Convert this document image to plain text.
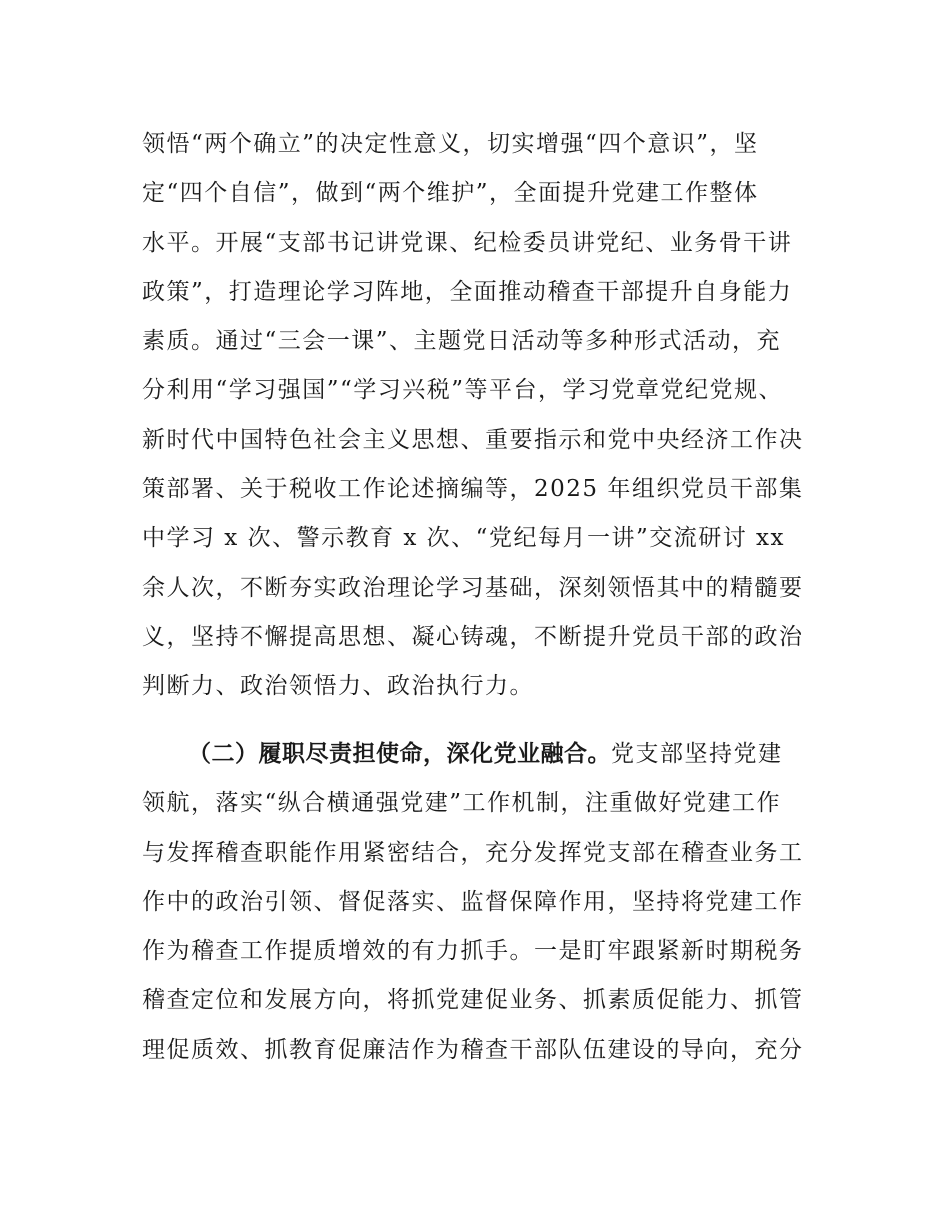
领悟“两个确立”的决定性意义，切实增强“四个意识”，坚
定“四个自信”，做到“两个维护”，全面提升党建工作整体
水平。开展“支部书记讲党课、纪检委员讲党纪、业务骨干讲
政策”，打造理论学习阵地，全面推动稽查干部提升自身能力
素质。通过“三会一课”、主题党日活动等多种形式活动，充
分利用“学习强国”“学习兴税”等平台，学习党章党纪党规、
新时代中国特色社会主义思想、重要指示和党中央经济工作决
策部署、关于税收工作论述摘编等，2025 年组织党员干部集
中学习 x 次、警示教育 x 次、“党纪每月一讲”交流研讨 xx
余人次，不断夯实政治理论学习基础，深刻领悟其中的精髓要
义，坚持不懈提高思想、凝心铸魂，不断提升党员干部的政治
判断力、政治领悟力、政治执行力。
（二）履职尽责担使命，深化党业融合。党支部坚持党建
领航，落实“纵合横通强党建”工作机制，注重做好党建工作
与发挥稽查职能作用紧密结合，充分发挥党支部在稽查业务工
作中的政治引领、督促落实、监督保障作用，坚持将党建工作
作为稽查工作提质增效的有力抓手。一是盯牢跟紧新时期税务
稽查定位和发展方向，将抓党建促业务、抓素质促能力、抓管
理促质效、抓教育促廉洁作为稽查干部队伍建设的导向，充分
